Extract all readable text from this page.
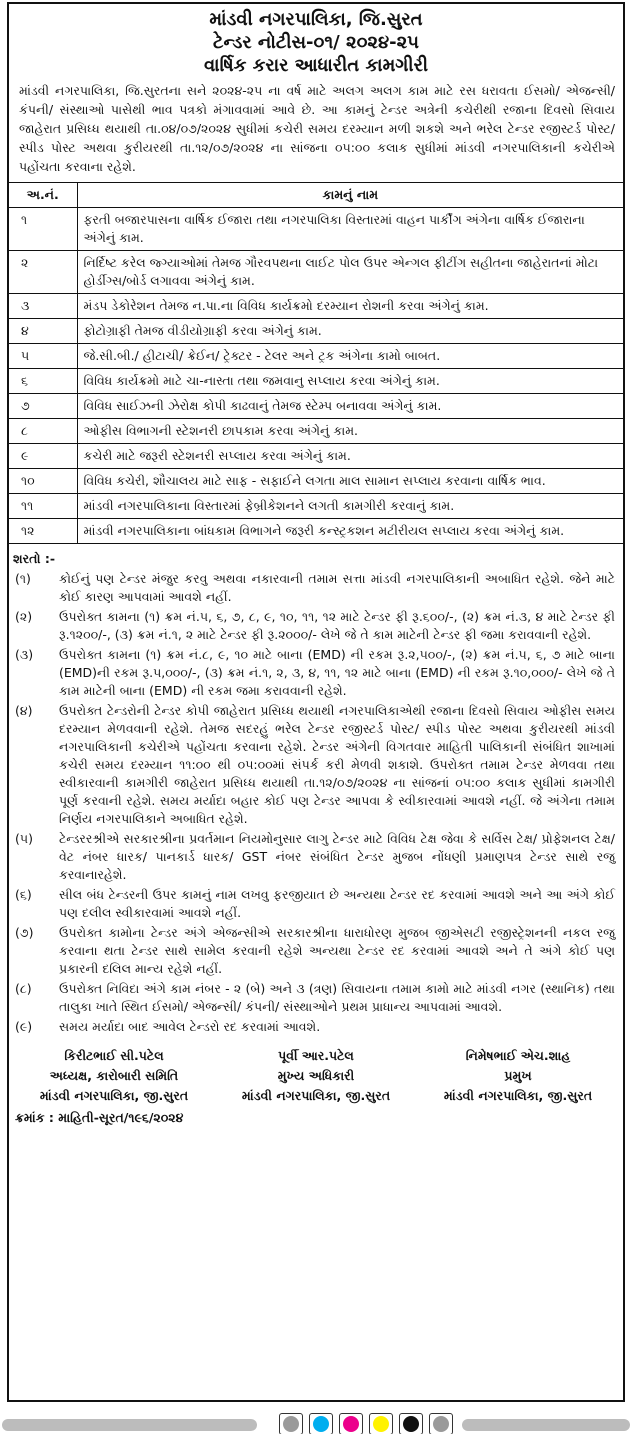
માંડવી નગરપાલિકા, જિ.સુરત
ટેન્ડર નોટીસ-૦૧/ ૨૦૨૪-૨૫
વાર્ષિક કરાર આધારીત કામગીરી

માંડવી નગરપાલિકા, જિ.સુરતના સને ૨૦૨૪-૨૫ ના વર્ષ માટે અલગ અલગ કામ માટે રસ ધરાવતા ઈસમો/ એજન્સી/ કંપની/ સંસ્થાઓ પાસેથી ભાવ પત્રકો મંગાવવામાં આવે છે. આ કામનું ટેન્ડર અત્રેની કચેરીથી રજાના દિવસો સિવાય જાહેરાત પ્રસિધ્ધ થયાથી તા.૦૪/૦૭/૨૦૨૪ સુધીમાં કચેરી સમય દરમ્યાન મળી શકશે અને ભરેલ ટેન્ડર રજીસ્ટર્ડ પોસ્ટ/ સ્પીડ પોસ્ટ અથવા કુરીયરથી તા.૧૨/૦૭/૨૦૨૪ ના સાંજના ૦૫:૦૦ કલાક સુધીમાં માંડવી નગરપાલિકાની કચેરીએ પહોંચતા કરવાના રહેશે.

અ.નં.	કામનું નામ
૧	ફરતી બજારપાસના વાર્ષિક ઈજારા તથા નગરપાલિકા વિસ્તારમાં વાહન પાર્કીંગ અંગેના વાર્ષિક ઈજારાના અંગેનું કામ.
૨	નિર્દિષ્ટ કરેલ જ્ગ્યાઓમાં તેમજ ગૌરવપથના લાઈટ પોલ ઉપર એન્ગલ ફીટીંગ સહીતના જાહેરાતનાં મોટા હોર્ડીગ્સ/બોર્ડ લગાવવા અંગેનું કામ.
૩	મંડપ ડેકોરેશન તેમજ ન.પા.ના વિવિધ કાર્યક્રમો દરમ્યાન રોશની કરવા અંગેનું કામ.
૪	ફોટોગ્રાફી તેમજ વીડીયોગ્રાફી કરવા અંગેનું કામ.
૫	જે.સી.બી./ હીટાચી/ ક્રેઈન/ ટ્રેક્ટર - ટેલર અને ટ્રક અંગેના કામો બાબત.
૬	વિવિધ કાર્યક્રમો માટે ચા-નાસ્તા તથા જમવાનુ સપ્લાય કરવા અંગેનું કામ.
૭	વિવિધ સાઈઝની ઝેરોક્ષ કોપી કાઢવાનું તેમજ સ્ટેમ્પ બનાવવા અંગેનું કામ.
૮	ઓફીસ વિભાગની સ્ટેશનરી છાપકામ કરવા અંગેનું કામ.
૯	કચેરી માટે જરૂરી સ્ટેશનરી સપ્લાય કરવા અંગેનું કામ.
૧૦	વિવિધ કચેરી, શૌચાલય માટે સાફ - સફાઈને લગતા માલ સામાન સપ્લાય કરવાના વાર્ષિક ભાવ.
૧૧	માંડવી નગરપાલિકાના વિસ્તારમાં ફેબ્રીકેશનને લગતી કામગીરી કરવાનું કામ.
૧૨	માંડવી નગરપાલિકાના બાંધકામ વિભાગને જરૂરી કન્સ્ટ્રકશન મટીરીયલ સપ્લાય કરવા અંગેનું કામ.
શરતો :-
(૧)	કોઈનું પણ ટેન્ડર મંજુર કરવુ અથવા નકારવાની તમામ સત્તા માંડવી નગરપાલિકાની અબાધિત રહેશે. જેને માટે કોઈ કારણ આપવામાં આવશે નહીં.
(૨)	ઉપરોક્ત કામના (૧) ક્રમ નં.૫, ૬, ૭, ૮, ૯, ૧૦, ૧૧, ૧૨ માટે ટેન્ડર ફી રૂ.૬૦૦/-, (૨) ક્રમ નં.૩, ૪ માટે ટેન્ડર ફી રૂ.૧૨૦૦/-, (૩) ક્રમ નં.૧, ૨ માટે ટેન્ડર ફી રૂ.૨૦૦૦/- લેખે જે તે કામ માટેની ટેન્ડર ફી જમા કરાવવાની રહેશે.
(૩)	ઉપરોક્ત કામના (૧) ક્રમ નં.૮, ૯, ૧૦ માટે બાના (EMD) ની રકમ રૂ.૨,૫૦૦/-, (૨) ક્રમ નં.૫, ૬, ૭ માટે બાના (EMD)ની રકમ રૂ.૫,૦૦૦/-, (૩) ક્રમ નં.૧, ૨, ૩, ૪, ૧૧, ૧૨ માટે બાના (EMD) ની રકમ રૂ.૧૦,૦૦૦/- લેખે જે તે કામ માટેની બાના (EMD) ની રકમ જમા કરાવવાની રહેશે.
(૪)	ઉપરોક્ત ટેન્ડરોની ટેન્ડર કોપી જાહેરાત પ્રસિધ્ધ થયાથી નગરપાલિકાએથી રજાના દિવસો સિવાય ઓફીસ સમય દરમ્યાન મેળવવાની રહેશે. તેમજ સદરહું ભરેલ ટેન્ડર રજીસ્ટર્ડ પોસ્ટ/ સ્પીડ પોસ્ટ અથવા કુરીયરથી માંડવી નગરપાલિકાની કચેરીએ પહોંચતા કરવાના રહેશે. ટેન્ડર અંગેની વિગતવાર માહિતી પાલિકાની સંબંધિત શાખામાં કચેરી સમય દરમ્યાન ૧૧:૦૦ થી ૦૫:૦૦માં સંપર્ક કરી મેળવી શકાશે. ઉપરોક્ત તમામ ટેન્ડર મેળવવા તથા સ્વીકારવાની કામગીરી જાહેરાત પ્રસિધ્ધ થયાથી તા.૧૨/૦૭/૨૦૨૪ ના સાંજનાં ૦૫:૦૦ કલાક સુધીમાં કામગીરી પૂર્ણ કરવાની રહેશે. સમય મર્યાદા બહાર કોઈ પણ ટેન્ડર આપવા કે સ્વીકારવામાં આવશે નહીં. જે અંગેના તમામ નિર્ણય નગરપાલિકાને અબાધિત રહેશે.
(૫)	ટેન્ડરરશ્રીએ સરકારશ્રીના પ્રવર્તમાન નિયમોનુસાર લાગુ ટેન્ડર માટે વિવિધ ટેક્ષ જેવા કે સર્વિસ ટેક્ષ/ પ્રોફેશનલ ટેક્ષ/ વેટ નંબર ધારક/ પાનકાર્ડ ધારક/ GST નંબર સંબંધિત ટેન્ડર મુજબ નોંધણી પ્રમાણપત્ર ટેન્ડર સાથે રજુ કરવાનારહેશે.
(૬)	સીલ બંધ ટેન્ડરની ઉપર કામનું નામ લખવુ ફરજીયાત છે અન્યથા ટેન્ડર રદ કરવામાં આવશે અને આ અંગે કોઈ પણ દલીલ સ્વીકારવામાં આવશે નહીં.
(૭)	ઉપરોક્ત કામોના ટેન્ડર અંગે એજન્સીએ સરકારશ્રીના ધારાધોરણ મુજબ જીએસટી રજીસ્ટ્રેશનની નકલ રજુ કરવાના થતા ટેન્ડર સાથે સામેલ કરવાની રહેશે અન્યથા ટેન્ડર રદ કરવામાં આવશે અને તે અંગે કોઈ પણ પ્રકારની દલિલ માન્ય રહેશે નહીં.
(૮)	ઉપરોક્ત નિવિદા અંગે કામ નંબર - ૨ (બે) અને ૩ (ત્રણ) સિવાયના તમામ કામો માટે માંડવી નગર (સ્થાનિક) તથા તાલુકા ખાતે સ્થિત ઈસમો/ એજન્સી/ કંપની/ સંસ્થાઓને પ્રથમ પ્રાધાન્ય આપવામાં આવશે.
(૯)	સમય મર્યાદા બાદ આવેલ ટેન્ડરો રદ કરવામાં આવશે.
કિરીટભાઈ સી.પટેલ
અધ્યક્ષ, કારોબારી સમિતિ
માંડવી નગરપાલિકા, જી.સુરત
પૂર્વી આર.પટેલ
મુખ્ય અધિકારી
માંડવી નગરપાલિકા, જી.સુરત
નિમેષભાઈ એચ.શાહ
પ્રમુખ
માંડવી નગરપાલિકા, જી.સુરત
ક્રમાંક : માહિતી-સૂરત/૧૯૬/૨૦૨૪
